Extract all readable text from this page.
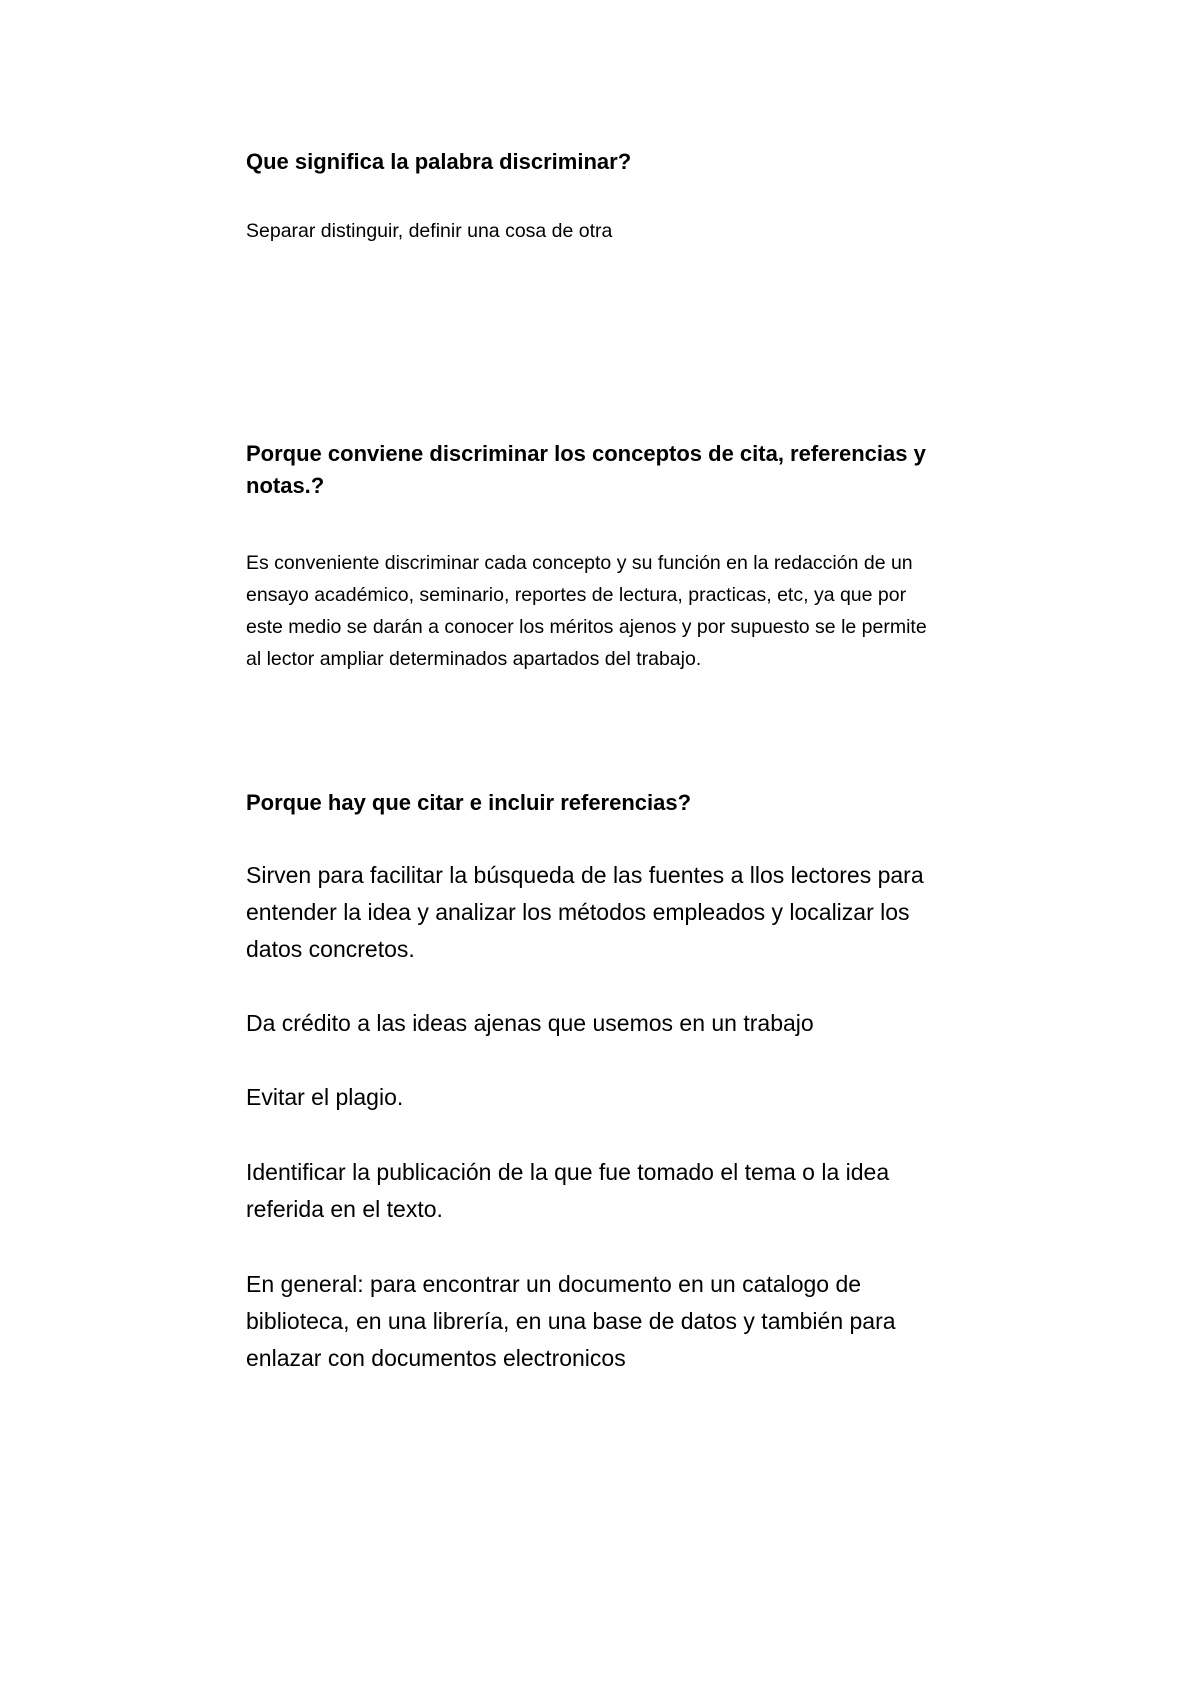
Que significa la palabra discriminar?

Separar distinguir, definir una cosa de otra

Porque conviene discriminar los conceptos de cita, referencias y
notas.?
Es conveniente discriminar cada concepto y su función en la redacción de un
ensayo académico, seminario, reportes de lectura, practicas, etc, ya que por
este medio se darán a conocer los méritos ajenos y por supuesto se le permite
al lector ampliar determinados apartados del trabajo.

Porque hay que citar e incluir referencias?

Sirven para facilitar la búsqueda de las fuentes a llos lectores para
entender la idea y analizar los métodos empleados y localizar los
datos concretos.

Da crédito a las ideas ajenas que usemos en un trabajo

Evitar el plagio.

Identificar la publicación de la que fue tomado el tema o la idea
referida en el texto.
En general: para encontrar un documento en un catalogo de
biblioteca, en una librería, en una base de datos y también para
enlazar con documentos electronicos
